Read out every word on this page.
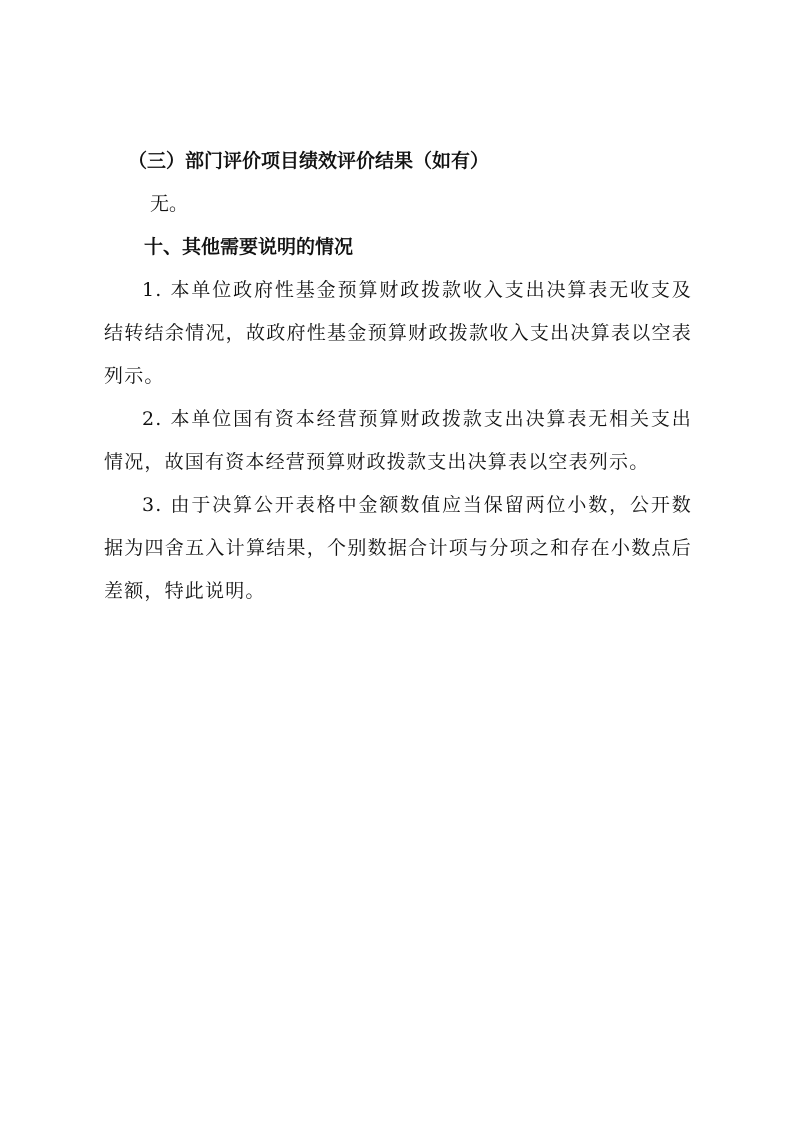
（三）部门评价项目绩效评价结果（如有）

无。

十、其他需要说明的情况

1. 本单位政府性基金预算财政拨款收入支出决算表无收支及结转结余情况，故政府性基金预算财政拨款收入支出决算表以空表列示。

2. 本单位国有资本经营预算财政拨款支出决算表无相关支出情况，故国有资本经营预算财政拨款支出决算表以空表列示。

3. 由于决算公开表格中金额数值应当保留两位小数，公开数据为四舍五入计算结果，个别数据合计项与分项之和存在小数点后差额，特此说明。
